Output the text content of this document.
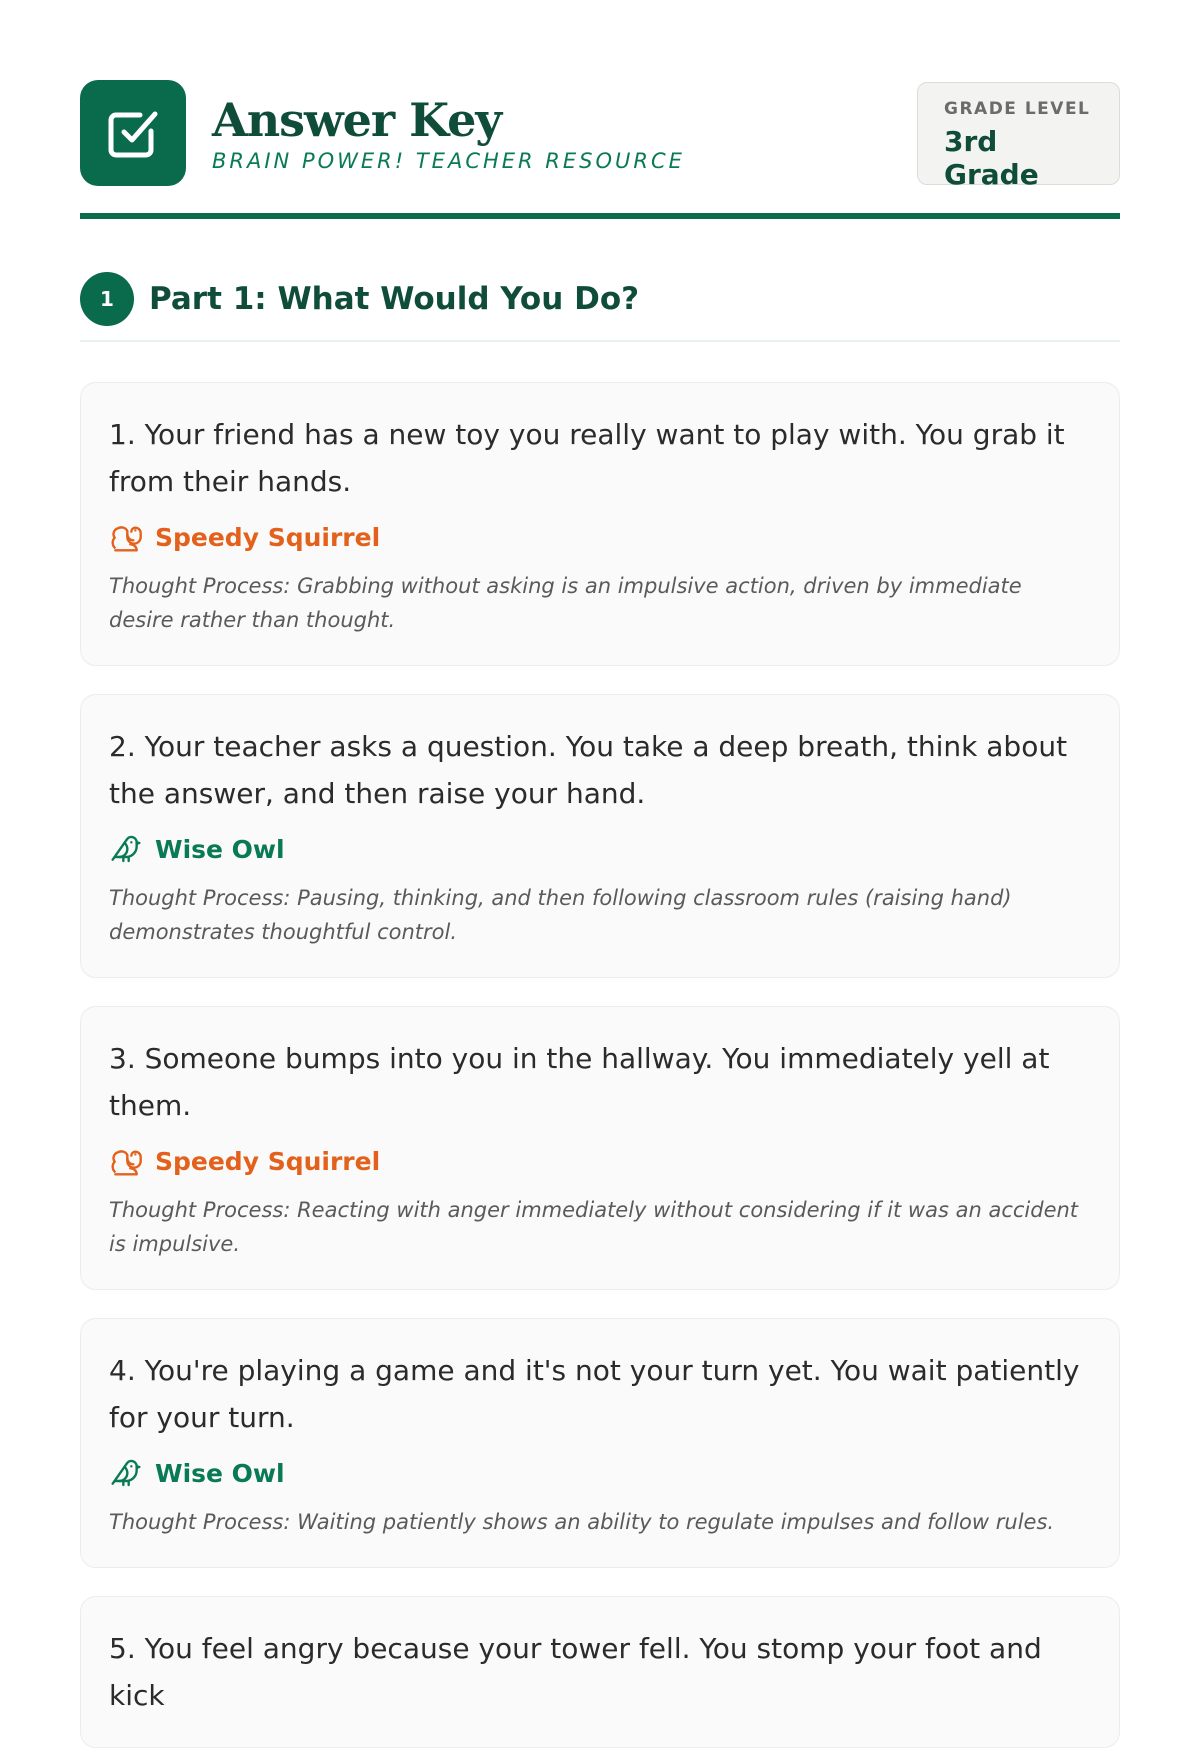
Answer Key
BRAIN POWER! TEACHER RESOURCE
GRADE LEVEL
3rd Grade
1	Part 1: What Would You Do?
1. Your friend has a new toy you really want to play with. You grab it from their hands.
Speedy Squirrel
Thought Process: Grabbing without asking is an impulsive action, driven by immediate desire rather than thought.
2. Your teacher asks a question. You take a deep breath, think about the answer, and then raise your hand.
Wise Owl
Thought Process: Pausing, thinking, and then following classroom rules (raising hand) demonstrates thoughtful control.
3. Someone bumps into you in the hallway. You immediately yell at them.
Speedy Squirrel
Thought Process: Reacting with anger immediately without considering if it was an accident is impulsive.
4. You're playing a game and it's not your turn yet. You wait patiently for your turn.
Wise Owl
Thought Process: Waiting patiently shows an ability to regulate impulses and follow rules.
5. You feel angry because your tower fell. You stomp your foot and kick
